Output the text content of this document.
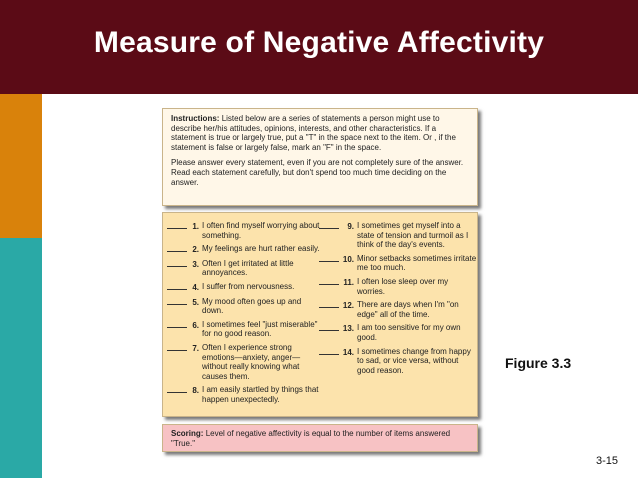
Measure of Negative Affectivity

Instructions: Listed below are a series of statements a person might use to describe her/his attitudes, opinions, interests, and other characteristics. If a statement is true or largely true, put a "T" in the space next to the item. Or , if the statement is false or largely false, mark an "F" in the space.

Please answer every statement, even if you are not completely sure of the answer. Read each statement carefully, but don't spend too much time deciding on the answer.

1. I often find myself worrying about something.
2. My feelings are hurt rather easily.
3. Often I get irritated at little annoyances.
4. I suffer from nervousness.
5. My mood often goes up and down.
6. I sometimes feel "just miserable" for no good reason.
7. Often I experience strong emotions—anxiety, anger—without really knowing what causes them.
8. I am easily startled by things that happen unexpectedly.
9. I sometimes get myself into a state of tension and turmoil as I think of the day's events.
10. Minor setbacks sometimes irritate me too much.
11. I often lose sleep over my worries.
12. There are days when I'm "on edge" all of the time.
13. I am too sensitive for my own good.
14. I sometimes change from happy to sad, or vice versa, without good reason.
Scoring: Level of negative affectivity is equal to the number of items answered "True."
Figure 3.3
3-15
